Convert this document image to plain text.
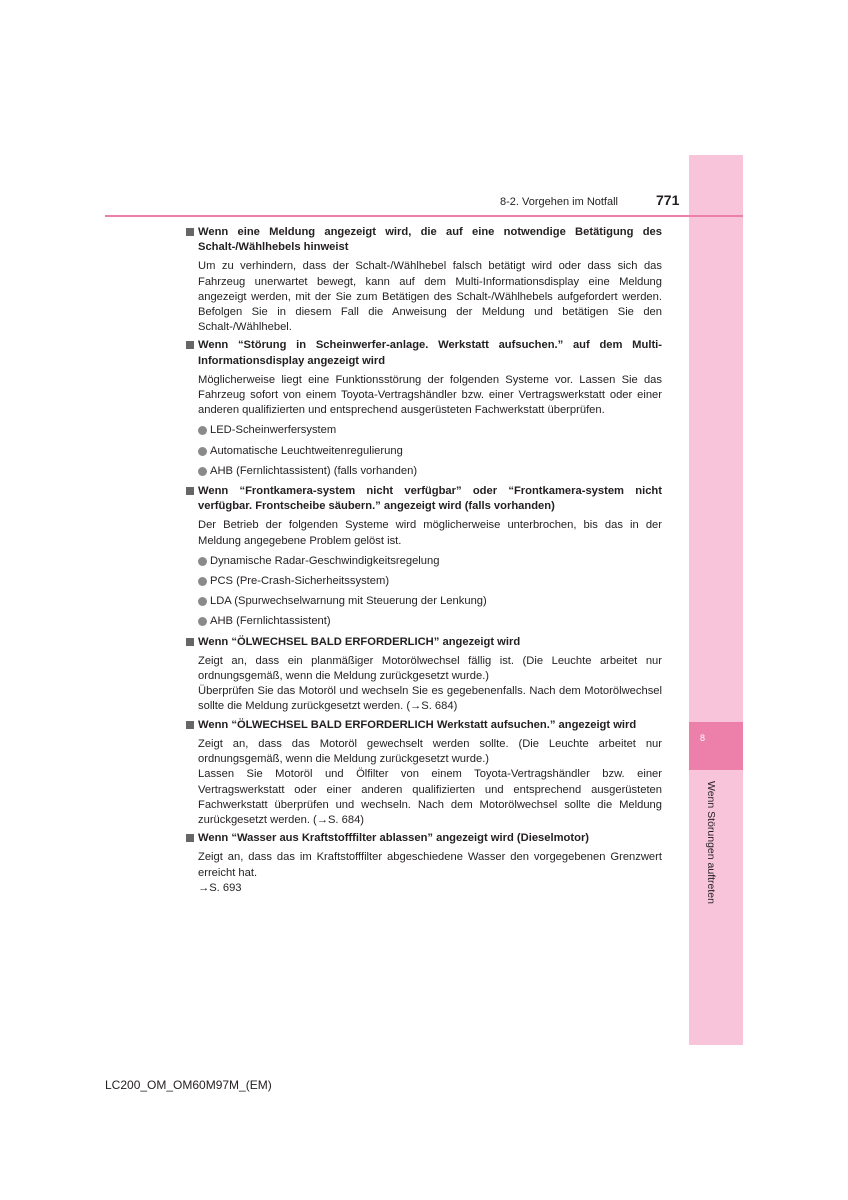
8
Wenn Störungen auftreten
8-2. Vorgehen im Notfall	771
Wenn eine Meldung angezeigt wird, die auf eine notwendige Betätigung des Schalt-/Wählhebels hinweist
Um zu verhindern, dass der Schalt-/Wählhebel falsch betätigt wird oder dass sich das Fahrzeug unerwartet bewegt, kann auf dem Multi-Informationsdisplay eine Meldung angezeigt werden, mit der Sie zum Betätigen des Schalt-/Wählhebels aufgefordert werden. Befolgen Sie in diesem Fall die Anweisung der Meldung und betätigen Sie den Schalt-/Wählhebel.
Wenn “Störung in Scheinwerfer-anlage. Werkstatt aufsuchen.” auf dem Multi-Informationsdisplay angezeigt wird
Möglicherweise liegt eine Funktionsstörung der folgenden Systeme vor. Lassen Sie das Fahrzeug sofort von einem Toyota-Vertragshändler bzw. einer Vertragswerkstatt oder einer anderen qualifizierten und entsprechend ausgerüsteten Fachwerkstatt überprüfen.
LED-Scheinwerfersystem
Automatische Leuchtweitenregulierung
AHB (Fernlichtassistent) (falls vorhanden)
Wenn “Frontkamera-system nicht verfügbar” oder “Frontkamera-system nicht verfügbar. Frontscheibe säubern.” angezeigt wird (falls vorhanden)
Der Betrieb der folgenden Systeme wird möglicherweise unterbrochen, bis das in der Meldung angegebene Problem gelöst ist.
Dynamische Radar-Geschwindigkeitsregelung
PCS (Pre-Crash-Sicherheitssystem)
LDA (Spurwechselwarnung mit Steuerung der Lenkung)
AHB (Fernlichtassistent)
Wenn “ÖLWECHSEL BALD ERFORDERLICH” angezeigt wird
Zeigt an, dass ein planmäßiger Motorölwechsel fällig ist. (Die Leuchte arbeitet nur ordnungsgemäß, wenn die Meldung zurückgesetzt wurde.)
Überprüfen Sie das Motoröl und wechseln Sie es gegebenenfalls. Nach dem Motorölwechsel sollte die Meldung zurückgesetzt werden. (→S. 684)
Wenn “ÖLWECHSEL BALD ERFORDERLICH Werkstatt aufsuchen.” angezeigt wird
Zeigt an, dass das Motoröl gewechselt werden sollte. (Die Leuchte arbeitet nur ordnungsgemäß, wenn die Meldung zurückgesetzt wurde.)
Lassen Sie Motoröl und Ölfilter von einem Toyota-Vertragshändler bzw. einer Vertragswerkstatt oder einer anderen qualifizierten und entsprechend ausgerüsteten Fachwerkstatt überprüfen und wechseln. Nach dem Motorölwechsel sollte die Meldung zurückgesetzt werden. (→S. 684)
Wenn “Wasser aus Kraftstofffilter ablassen” angezeigt wird (Dieselmotor)
Zeigt an, dass das im Kraftstofffilter abgeschiedene Wasser den vorgegebenen Grenzwert erreicht hat.
→S. 693
LC200_OM_OM60M97M_(EM)
